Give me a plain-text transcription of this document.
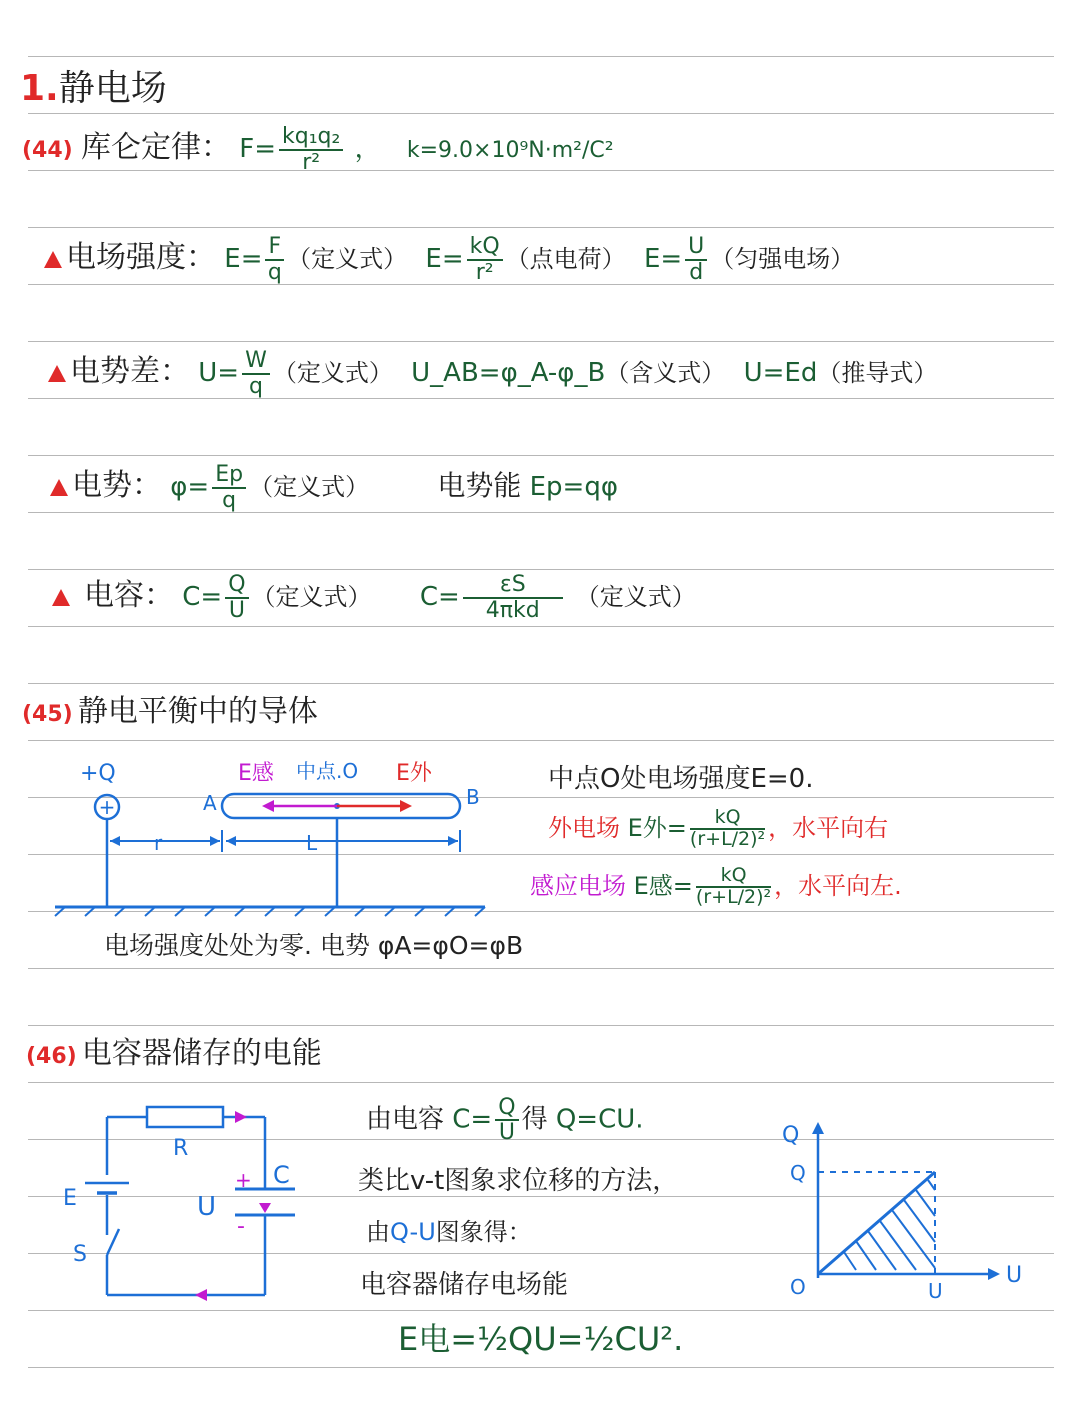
1.静电场
(44) 库仑定律： $F= \frac{\text{kq₁q₂}}{\text{r²}}$ ， k=9.0×10⁹N·m²/C²
电场强度： $E= \frac{F}{q}$ （定义式） $E= \frac{kQ}{\text{r²}}$ （点电荷） $E= \frac{U}{d}$ （匀强电场）
电势差： $U= \frac{W}{q}$ （定义式） U_AB=φ_A-φ_B（含义式） U=Ed（推导式）
电势： $\varphi= \frac{Ep}{q}$ （定义式） 电势能 Ep=qφ
电容： $C= \frac{Q}{U}$ （定义式） $C= \frac{\varepsilon S}{\text{4πkd}}$ （定义式）
(45) 静电平衡中的导体
+
+Q	E感 中点.O E外
A	B
r	L
中点O处电场强度E=0.
外电场 E外= $\frac{kQ}{\text{(r+L/2)²}}$ ，水平向右
感应电场 E感= $\frac{kQ}{\text{(r+L/2)²}}$ ，水平向左.
电场强度处处为零. 电势 φA=φO=φB
(46) 电容器储存的电能
R
E
S
U
C
+
-
由电容 $C= \frac{Q}{U}$ 得 Q=CU.
类比v-t图象求位移的方法，
由Q-U图象得：
电容器储存电场能
E电=½QU=½CU².
Q
Q
O	U
U
